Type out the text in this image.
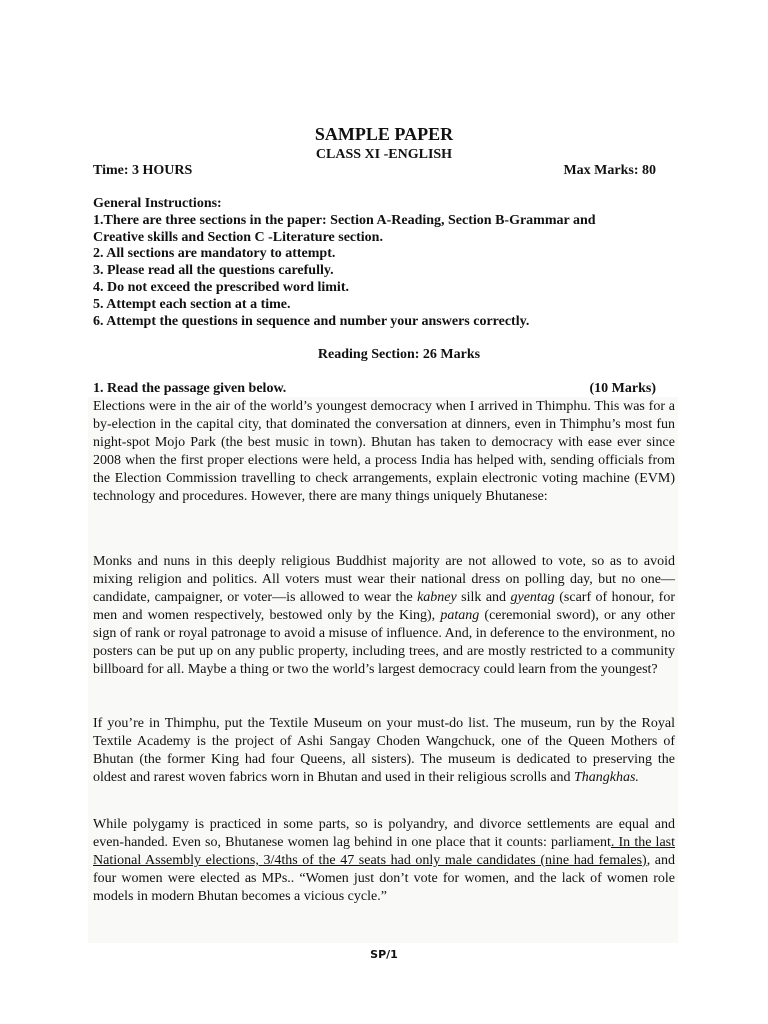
SAMPLE PAPER
CLASS XI -ENGLISH
Time: 3 HOURS	Max Marks: 80
General Instructions:
1.There are three sections in the paper: Section A-Reading, Section B-Grammar and
Creative skills and Section C -Literature section.
2. All sections are mandatory to attempt.
3. Please read all the questions carefully.
4. Do not exceed the prescribed word limit.
5. Attempt each section at a time.
6. Attempt the questions in sequence and number your answers correctly.
Reading Section: 26 Marks
1. Read the passage given below.	(10 Marks)

Elections were in the air of the world’s youngest democracy when I arrived in Thimphu. This was for a by-election in the capital city, that dominated the conversation at dinners, even in Thimphu’s most fun night-spot Mojo Park (the best music in town). Bhutan has taken to democracy with ease ever since 2008 when the first proper elections were held, a process India has helped with, sending officials from the Election Commission travelling to check arrangements, explain electronic voting machine (EVM) technology and procedures. However, there are many things uniquely Bhutanese:

Monks and nuns in this deeply religious Buddhist majority are not allowed to vote, so as to avoid mixing religion and politics. All voters must wear their national dress on polling day, but no one—candidate, campaigner, or voter—is allowed to wear the kabney silk and gyentag (scarf of honour, for men and women respectively, bestowed only by the King), patang (ceremonial sword), or any other sign of rank or royal patronage to avoid a misuse of influence. And, in deference to the environment, no posters can be put up on any public property, including trees, and are mostly restricted to a community billboard for all. Maybe a thing or two the world’s largest democracy could learn from the youngest?

If you’re in Thimphu, put the Textile Museum on your must-do list. The museum, run by the Royal Textile Academy is the project of Ashi Sangay Choden Wangchuck, one of the Queen Mothers of Bhutan (the former King had four Queens, all sisters). The museum is dedicated to preserving the oldest and rarest woven fabrics worn in Bhutan and used in their religious scrolls and Thangkhas.

While polygamy is practiced in some parts, so is polyandry, and divorce settlements are equal and even-handed. Even so, Bhutanese women lag behind in one place that it counts: parliament. In the last National Assembly elections, 3/4ths of the 47 seats had only male candidates (nine had females), and four women were elected as MPs.. “Women just don’t vote for women, and the lack of women role models in modern Bhutan becomes a vicious cycle.”

SP/1
